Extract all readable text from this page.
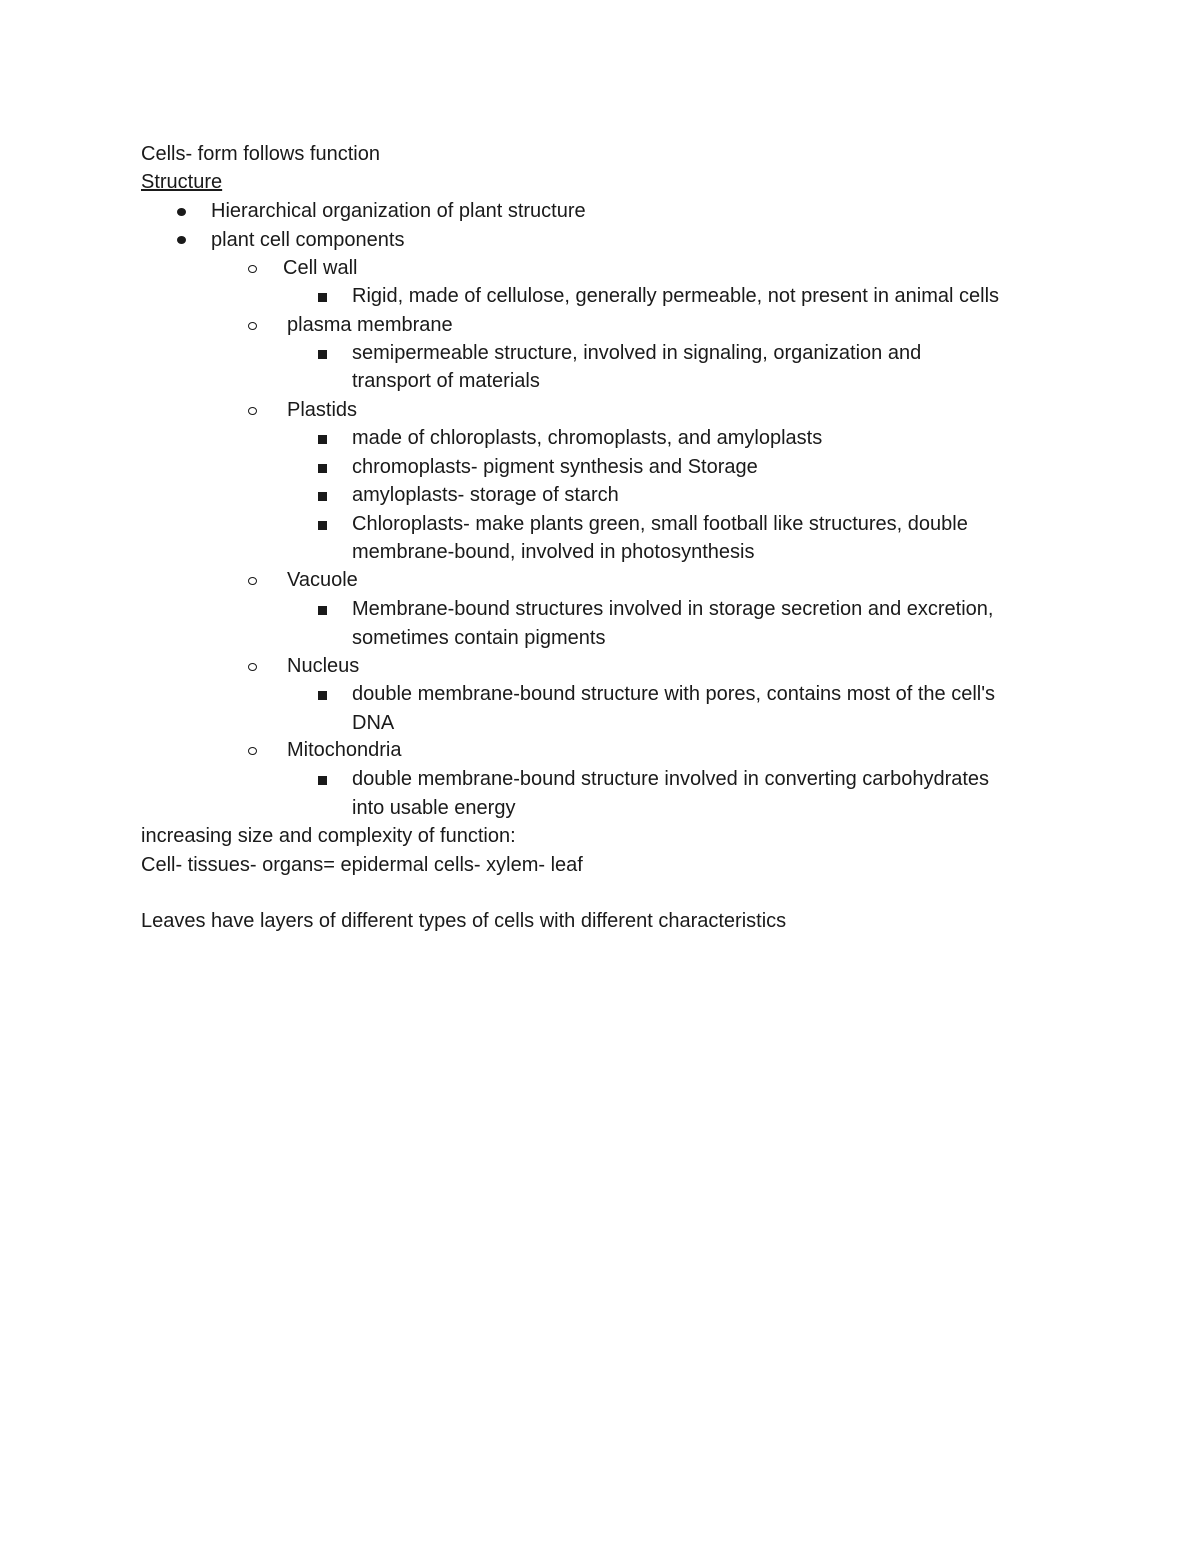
Cells- form follows function
Structure
Hierarchical organization of plant structure
plant cell components
Cell wall
Rigid, made of cellulose, generally permeable, not present in animal cells
plasma membrane
semipermeable structure, involved in signaling, organization and
transport of materials
Plastids
made of chloroplasts, chromoplasts, and amyloplasts
chromoplasts- pigment synthesis and Storage
amyloplasts- storage of starch
Chloroplasts- make plants green, small football like structures, double
membrane-bound, involved in photosynthesis
Vacuole
Membrane-bound structures involved in storage secretion and excretion,
sometimes contain pigments
Nucleus
double membrane-bound structure with pores, contains most of the cell's
DNA
Mitochondria
double membrane-bound structure involved in converting carbohydrates
into usable energy
increasing size and complexity of function:
Cell- tissues- organs= epidermal cells- xylem- leaf
Leaves have layers of different types of cells with different characteristics
